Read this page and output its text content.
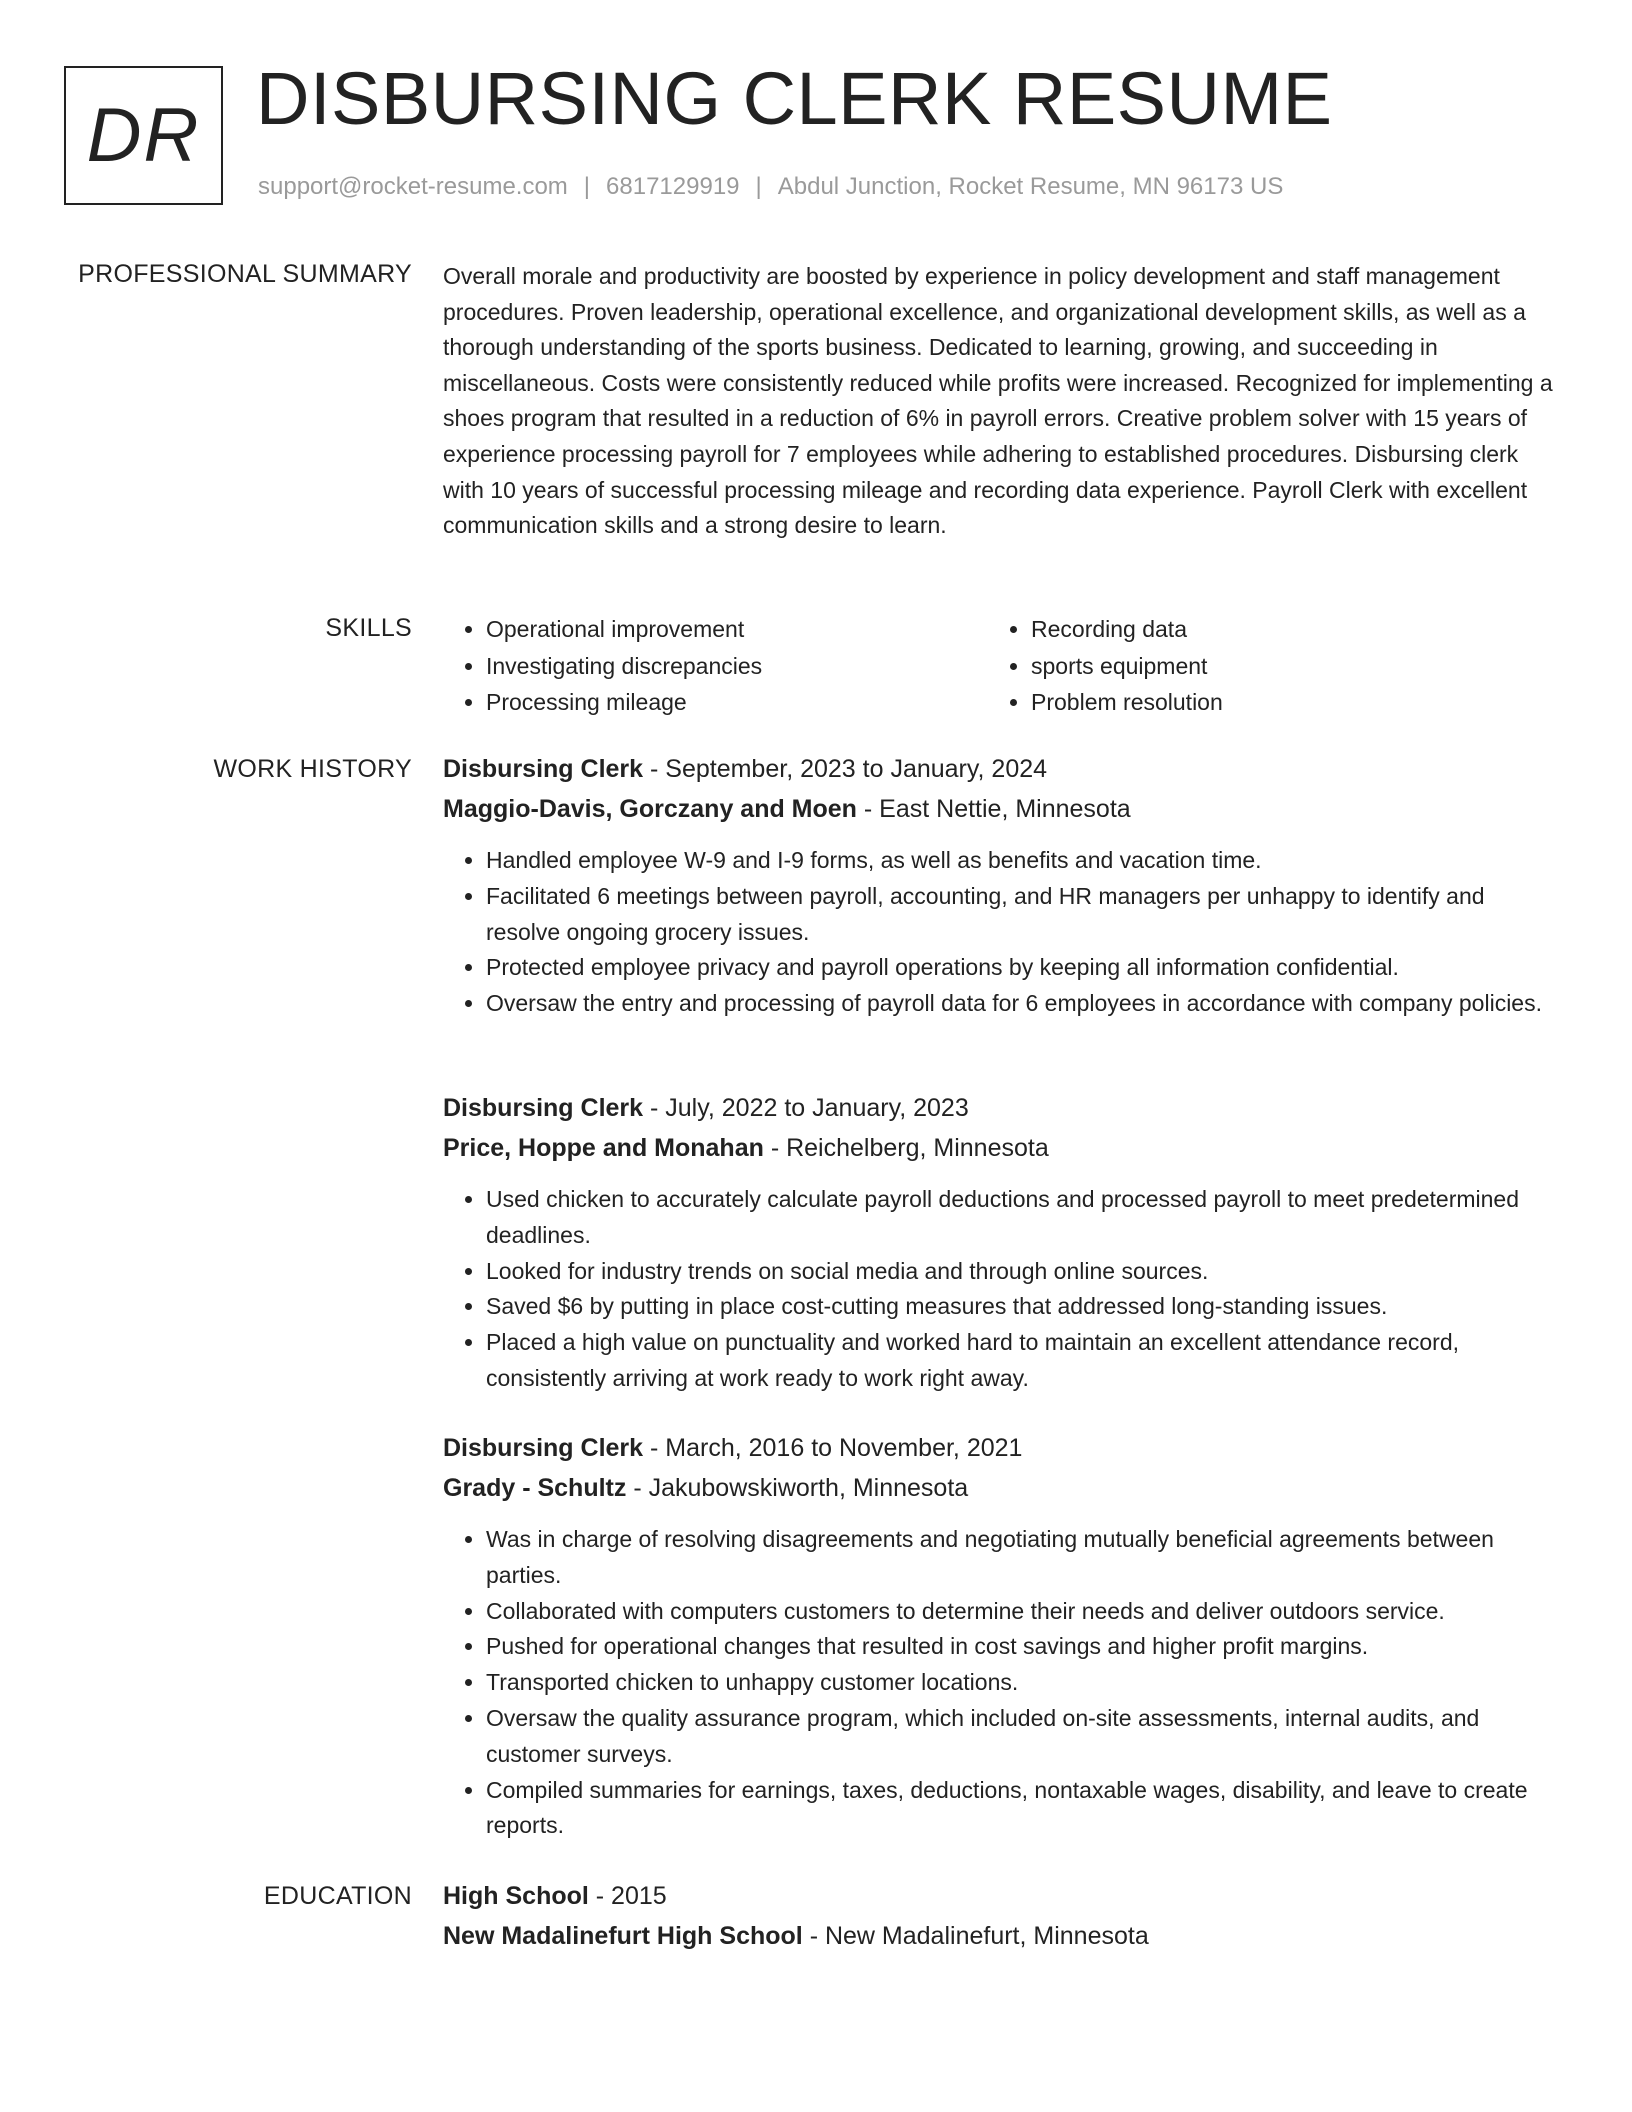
DR DISBURSING CLERK RESUME
support@rocket-resume.com | 6817129919 | Abdul Junction, Rocket Resume, MN 96173 US
PROFESSIONAL SUMMARY Overall morale and productivity are boosted by experience in policy development and staff management procedures. Proven leadership, operational excellence, and organizational development skills, as well as a thorough understanding of the sports business. Dedicated to learning, growing, and succeeding in miscellaneous. Costs were consistently reduced while profits were increased. Recognized for implementing a shoes program that resulted in a reduction of 6% in payroll errors. Creative problem solver with 15 years of experience processing payroll for 7 employees while adhering to established procedures. Disbursing clerk with 10 years of successful processing mileage and recording data experience. Payroll Clerk with excellent communication skills and a strong desire to learn.

SKILLS
•	Operational improvement
• Investigating discrepancies
• Processing mileage
• Recording data
• sports equipment
• Problem resolution
WORK HISTORY Disbursing Clerk - September, 2023 to January, 2024
Maggio-Davis, Gorczany and Moen - East Nettie, Minnesota
• Handled employee W-9 and I-9 forms, as well as benefits and vacation time.
• Facilitated 6 meetings between payroll, accounting, and HR managers per unhappy to identify and resolve ongoing grocery issues.
• Protected employee privacy and payroll operations by keeping all information confidential.
• Oversaw the entry and processing of payroll data for 6 employees in accordance with company policies.
Disbursing Clerk - July, 2022 to January, 2023
Price, Hoppe and Monahan - Reichelberg, Minnesota
• Used chicken to accurately calculate payroll deductions and processed payroll to meet predetermined deadlines.
• Looked for industry trends on social media and through online sources.
• Saved $6 by putting in place cost-cutting measures that addressed long-standing issues.
• Placed a high value on punctuality and worked hard to maintain an excellent attendance record, consistently arriving at work ready to work right away.
Disbursing Clerk - March, 2016 to November, 2021
Grady - Schultz - Jakubowskiworth, Minnesota
• Was in charge of resolving disagreements and negotiating mutually beneficial agreements between parties.
• Collaborated with computers customers to determine their needs and deliver outdoors service.
• Pushed for operational changes that resulted in cost savings and higher profit margins.
• Transported chicken to unhappy customer locations.
• Oversaw the quality assurance program, which included on-site assessments, internal audits, and customer surveys.
• Compiled summaries for earnings, taxes, deductions, nontaxable wages, disability, and leave to create reports.
EDUCATION High School - 2015
New Madalinefurt High School - New Madalinefurt, Minnesota
